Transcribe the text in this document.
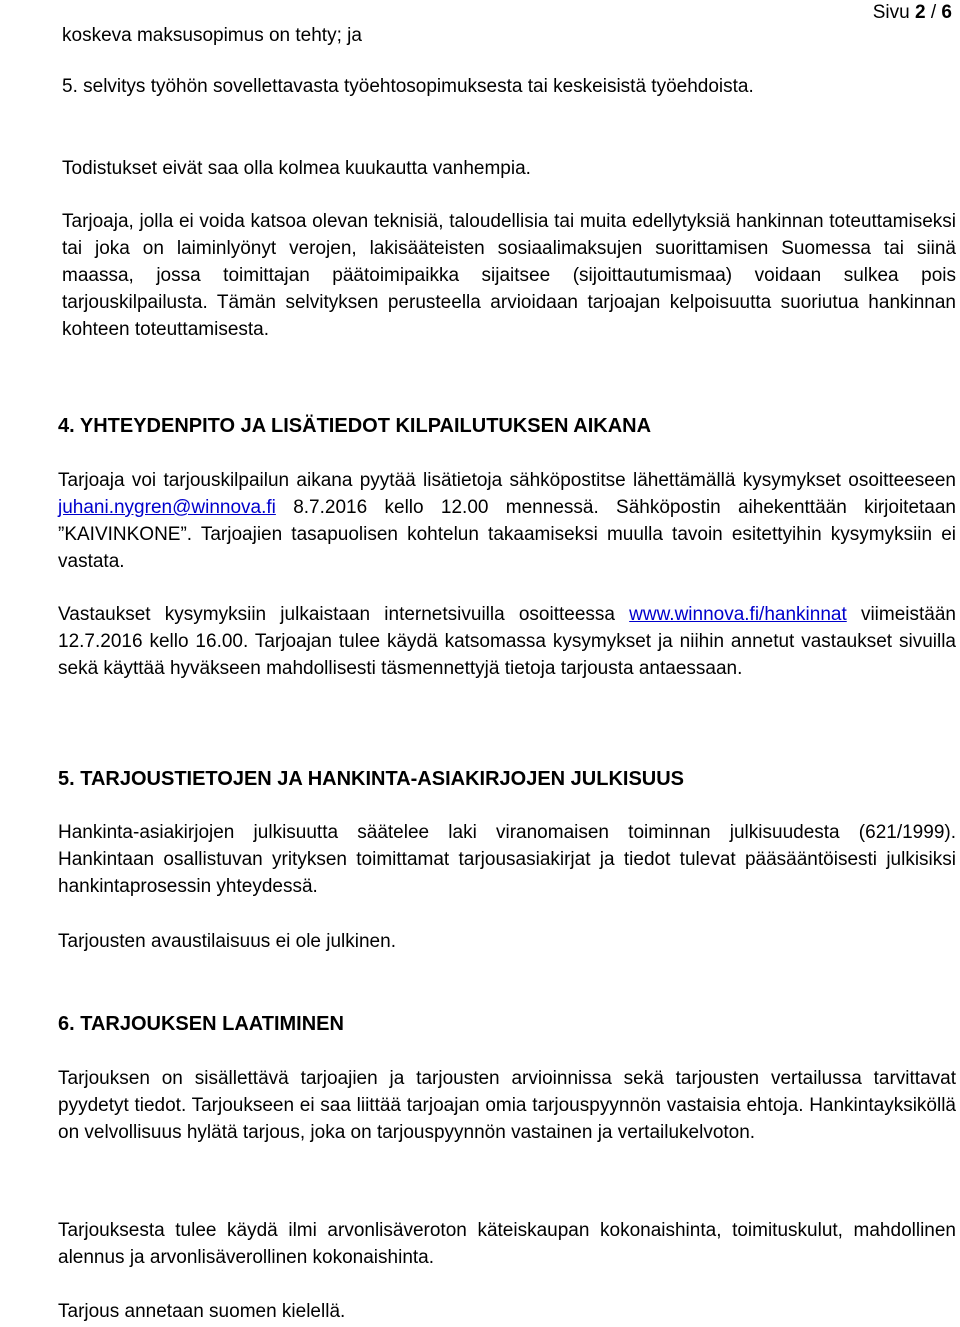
Sivu 2 / 6

koskeva maksusopimus on tehty; ja

5. selvitys työhön sovellettavasta työehtosopimuksesta tai keskeisistä työehdoista.

Todistukset eivät saa olla kolmea kuukautta vanhempia.

Tarjoaja, jolla ei voida katsoa olevan teknisiä, taloudellisia tai muita edellytyksiä hankinnan toteuttamiseksi tai joka on laiminlyönyt verojen, lakisääteisten sosiaalimaksujen suorittamisen Suomessa tai siinä maassa, jossa toimittajan päätoimipaikka sijaitsee (sijoittautumismaa) voidaan sulkea pois tarjouskilpailusta. Tämän selvityksen perusteella arvioidaan tarjoajan kelpoisuutta suoriutua hankinnan kohteen toteuttamisesta.

4. YHTEYDENPITO JA LISÄTIEDOT KILPAILUTUKSEN AIKANA

Tarjoaja voi tarjouskilpailun aikana pyytää lisätietoja sähköpostitse lähettämällä kysymykset osoitteeseen juhani.nygren@winnova.fi 8.7.2016 kello 12.00 mennessä. Sähköpostin aihekenttään kirjoitetaan ”KAIVINKONE”. Tarjoajien tasapuolisen kohtelun takaamiseksi muulla tavoin esitettyihin kysymyksiin ei vastata.

Vastaukset kysymyksiin julkaistaan internetsivuilla osoitteessa www.winnova.fi/hankinnat viimeistään 12.7.2016 kello 16.00. Tarjoajan tulee käydä katsomassa kysymykset ja niihin annetut vastaukset sivuilla sekä käyttää hyväkseen mahdollisesti täsmennettyjä tietoja tarjousta antaessaan.

5. TARJOUSTIETOJEN JA HANKINTA-ASIAKIRJOJEN JULKISUUS

Hankinta-asiakirjojen julkisuutta säätelee laki viranomaisen toiminnan julkisuudesta (621/1999). Hankintaan osallistuvan yrityksen toimittamat tarjousasiakirjat ja tiedot tulevat pääsääntöisesti julkisiksi hankintaprosessin yhteydessä.

Tarjousten avaustilaisuus ei ole julkinen.

6. TARJOUKSEN LAATIMINEN

Tarjouksen on sisällettävä tarjoajien ja tarjousten arvioinnissa sekä tarjousten vertailussa tarvittavat pyydetyt tiedot. Tarjoukseen ei saa liittää tarjoajan omia tarjouspyynnön vastaisia ehtoja. Hankintayksiköllä on velvollisuus hylätä tarjous, joka on tarjouspyynnön vastainen ja vertailukelvoton.

Tarjouksesta tulee käydä ilmi arvonlisäveroton käteiskaupan kokonaishinta, toimituskulut, mahdollinen alennus ja arvonlisäverollinen kokonaishinta.

Tarjous annetaan suomen kielellä.
